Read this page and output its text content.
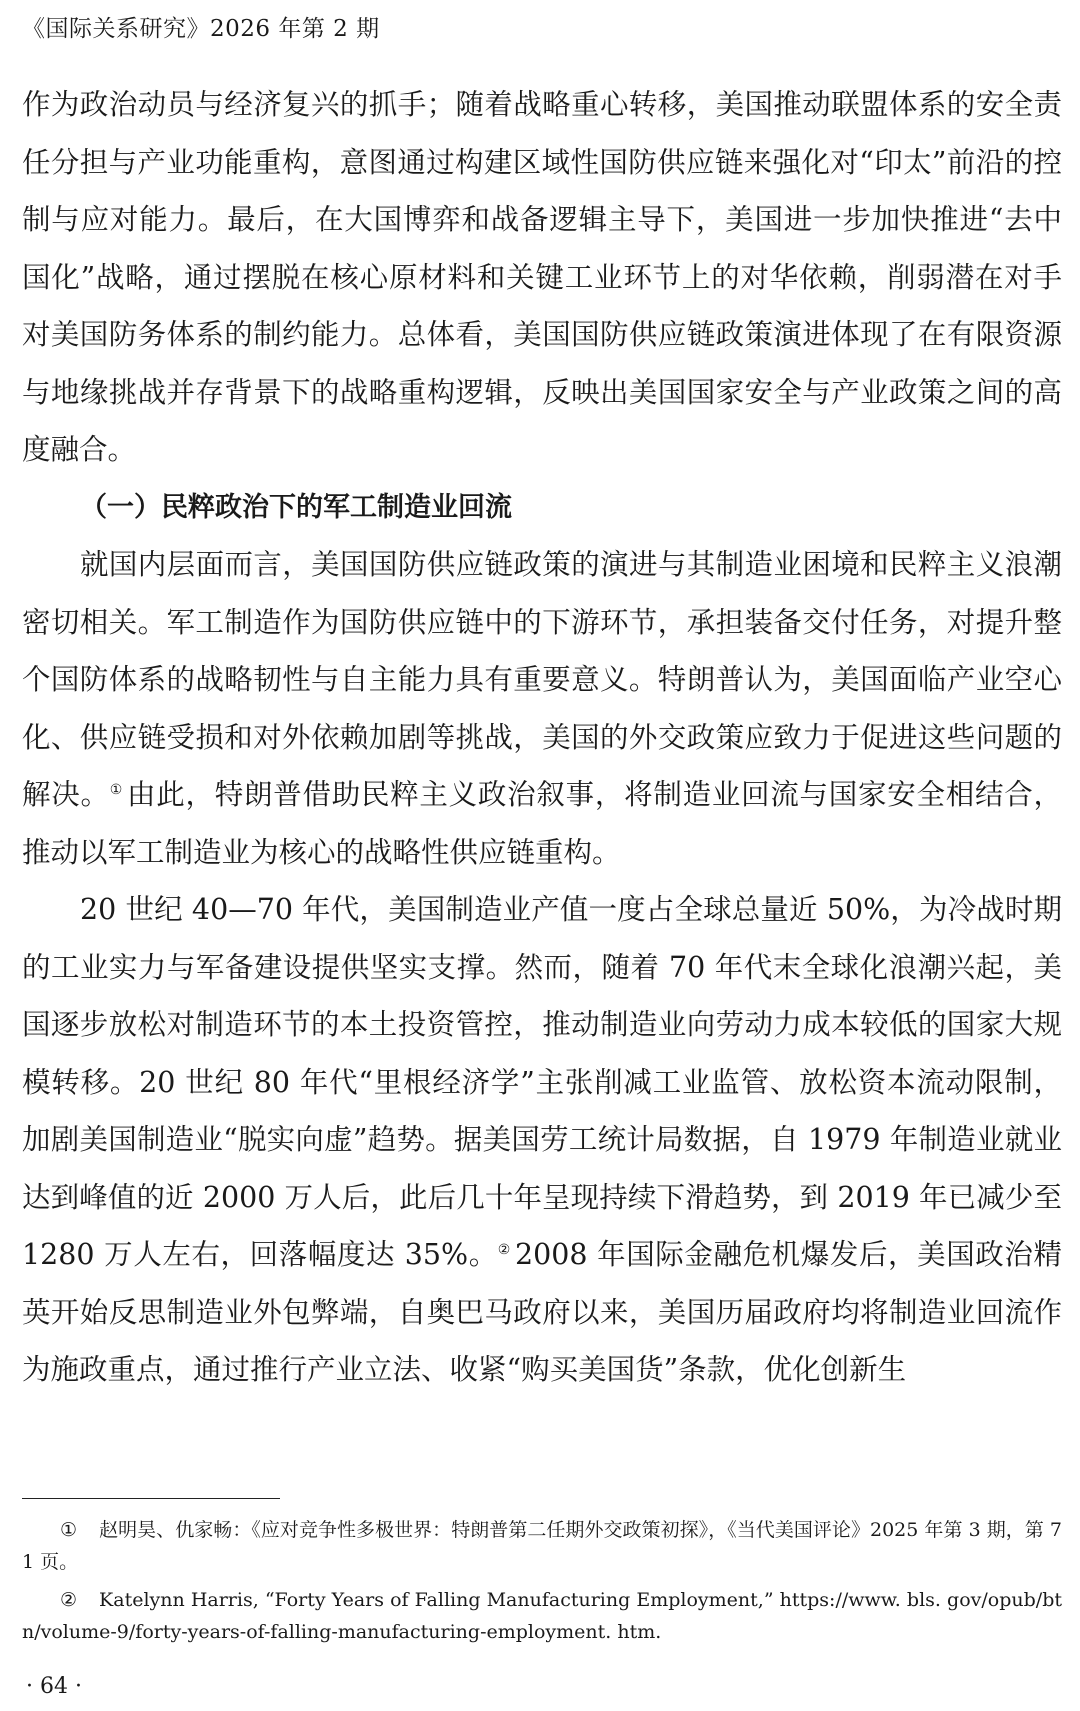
《国际关系研究》2026 年第 2 期

作为政治动员与经济复兴的抓手；随着战略重心转移，美国推动联盟体系的安全责任分担与产业功能重构，意图通过构建区域性国防供应链来强化对“印太”前沿的控制与应对能力。最后，在大国博弈和战备逻辑主导下，美国进一步加快推进“去中国化”战略，通过摆脱在核心原材料和关键工业环节上的对华依赖，削弱潜在对手对美国防务体系的制约能力。总体看，美国国防供应链政策演进体现了在有限资源与地缘挑战并存背景下的战略重构逻辑，反映出美国国家安全与产业政策之间的高度融合。

（一）民粹政治下的军工制造业回流

就国内层面而言，美国国防供应链政策的演进与其制造业困境和民粹主义浪潮密切相关。军工制造作为国防供应链中的下游环节，承担装备交付任务，对提升整个国防体系的战略韧性与自主能力具有重要意义。特朗普认为，美国面临产业空心化、供应链受损和对外依赖加剧等挑战，美国的外交政策应致力于促进这些问题的解决。① 由此，特朗普借助民粹主义政治叙事，将制造业回流与国家安全相结合，推动以军工制造业为核心的战略性供应链重构。

20 世纪 40—70 年代，美国制造业产值一度占全球总量近 50%，为冷战时期的工业实力与军备建设提供坚实支撑。然而，随着 70 年代末全球化浪潮兴起，美国逐步放松对制造环节的本土投资管控，推动制造业向劳动力成本较低的国家大规模转移。20 世纪 80 年代“里根经济学”主张削减工业监管、放松资本流动限制，加剧美国制造业“脱实向虚”趋势。据美国劳工统计局数据，自 1979 年制造业就业达到峰值的近 2000 万人后，此后几十年呈现持续下滑趋势，到 2019 年已减少至 1280 万人左右，回落幅度达 35%。② 2008 年国际金融危机爆发后，美国政治精英开始反思制造业外包弊端，自奥巴马政府以来，美国历届政府均将制造业回流作为施政重点，通过推行产业立法、收紧“购买美国货”条款，优化创新生

① 赵明昊、仇家畅：《应对竞争性多极世界：特朗普第二任期外交政策初探》，《当代美国评论》2025 年第 3 期，第 71 页。

② Katelynn Harris, “Forty Years of Falling Manufacturing Employment,” https://www. bls. gov/opub/btn/volume-9/forty-years-of-falling-manufacturing-employment. htm.

· 64 ·
